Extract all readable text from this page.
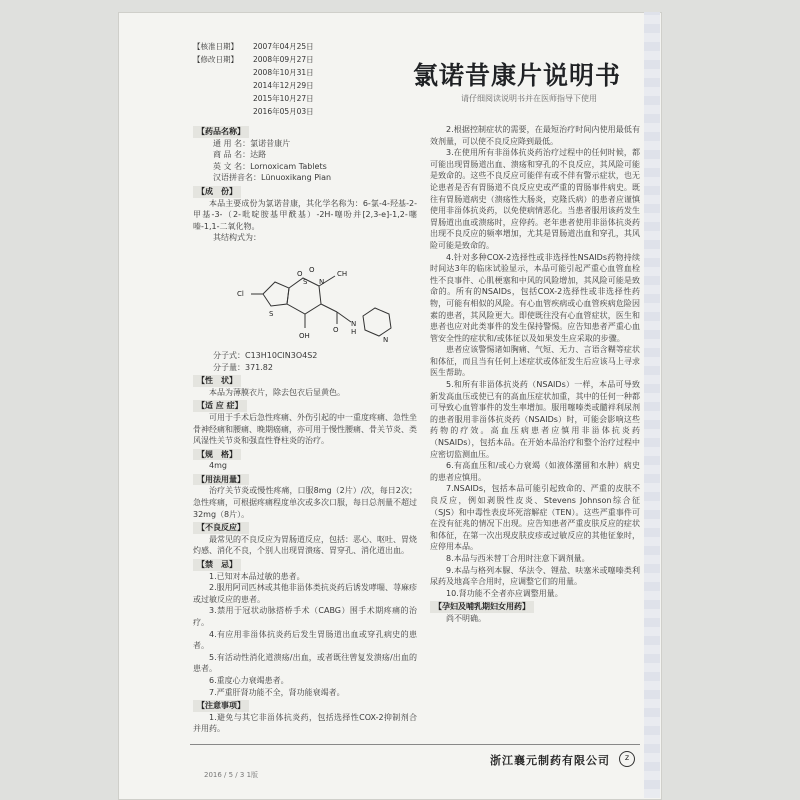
【核准日期】	2007年04月25日
【修改日期】	2008年09月27日
2008年10月31日
2014年12月29日
2015年10月27日
2016年05月03日
氯诺昔康片说明书
请仔细阅读说明书并在医师指导下使用
【药品名称】
通 用 名：氯诺昔康片
商 品 名：达路
英 文 名：Lornoxicam Tablets
汉语拼音名：Lünuoxikang Pian
【成　份】
本品主要成份为氯诺昔康，其化学名称为：6-氯-4-羟基-2-甲基-3-（2-吡啶胺基甲酰基）-2H-噻吩并[2,3-e]-1,2-噻嗪-1,1-二氧化物。
其结构式为：
Cl
S
O O
S N
CH
O
N
H
N
OH
分子式：C13H10ClN3O4S2
分子量：371.82
【性　状】
本品为薄膜衣片，除去包衣后显黄色。
【适 应 症】
可用于手术后急性疼痛、外伤引起的中一重度疼痛、急性坐骨神经痛和腰痛、晚期癌痛，亦可用于慢性腰痛、骨关节炎、类风湿性关节炎和强直性脊柱炎的治疗。
【规　格】
4mg
【用法用量】
治疗关节炎或慢性疼痛，口服8mg（2片）/次，每日2次；急性疼痛，可根据疼痛程度单次或多次口服，每日总剂量不超过32mg（8片）。
【不良反应】
最常见的不良反应为胃肠道反应，包括：恶心、呕吐、胃烧灼感、消化不良，个别人出现胃溃疡、胃穿孔、消化道出血。
【禁　忌】
1.已知对本品过敏的患者。
2.服用阿司匹林或其他非甾体类抗炎药后诱发哮喘、荨麻疹或过敏反应的患者。
3.禁用于冠状动脉搭桥手术（CABG）围手术期疼痛的治疗。
4.有应用非甾体抗炎药后发生胃肠道出血或穿孔病史的患者。
5.有活动性消化道溃疡/出血，或者既往曾复发溃疡/出血的患者。
6.重度心力衰竭患者。
7.严重肝肾功能不全，肾功能衰竭者。
【注意事项】
1.避免与其它非甾体抗炎药，包括选择性COX-2抑制剂合并用药。
2.根据控制症状的需要，在最短治疗时间内使用最低有效剂量，可以使不良反应降到最低。
3.在使用所有非甾体抗炎药治疗过程中的任何时候，都可能出现胃肠道出血、溃疡和穿孔的不良反应，其风险可能是致命的。这些不良反应可能伴有或不伴有警示症状，也无论患者是否有胃肠道不良反应史或严重的胃肠事件病史。既往有胃肠道病史（溃疡性大肠炎，克隆氏病）的患者应谨慎使用非甾体抗炎药，以免使病情恶化。当患者服用该药发生胃肠道出血或溃疡时，应停药。老年患者使用非甾体抗炎药出现不良反应的频率增加，尤其是胃肠道出血和穿孔，其风险可能是致命的。
4.针对多种COX-2选择性或非选择性NSAIDs药物持续时间达3年的临床试验显示，本品可能引起严重心血管血栓性不良事件、心肌梗塞和中风的风险增加，其风险可能是致命的。所有的NSAIDs，包括COX-2选择性或非选择性药物，可能有相似的风险。有心血管疾病或心血管疾病危险因素的患者，其风险更大。即使既往没有心血管症状，医生和患者也应对此类事件的发生保持警惕。应告知患者严重心血管安全性的症状和/或体征以及如果发生应采取的步骤。
患者应该警惕诸如胸痛、气短、无力、言语含糊等症状和体征，而且当有任何上述症状或体征发生后应该马上寻求医生帮助。
5.和所有非甾体抗炎药（NSAIDs）一样，本品可导致新发高血压或使已有的高血压症状加重，其中的任何一种都可导致心血管事件的发生率增加。服用噻嗪类或髓袢利尿剂的患者服用非甾体抗炎药（NSAIDs）时，可能会影响这些药物的疗效。高血压病患者应慎用非甾体抗炎药（NSAIDs），包括本品。在开始本品治疗和整个治疗过程中应密切监测血压。
6.有高血压和/或心力衰竭（如液体潴留和水肿）病史的患者应慎用。
7.NSAIDs，包括本品可能引起致命的、严重的皮肤不良反应，例如剥脱性皮炎、Stevens Johnson综合征（SJS）和中毒性表皮坏死溶解症（TEN）。这些严重事件可在没有征兆的情况下出现。应告知患者严重皮肤反应的症状和体征，在第一次出现皮肤皮疹或过敏反应的其他征象时，应停用本品。
8.本品与西米替丁合用时注意下调剂量。
9.本品与格列本脲、华法令、锂盐、呋塞米或噻嗪类利尿药及地高辛合用时，应调整它们的用量。
10.肾功能不全者亦应调整用量。
【孕妇及哺乳期妇女用药】
尚不明确。
浙江襄元制药有限公司	Z
2016 / 5 / 3 1版
